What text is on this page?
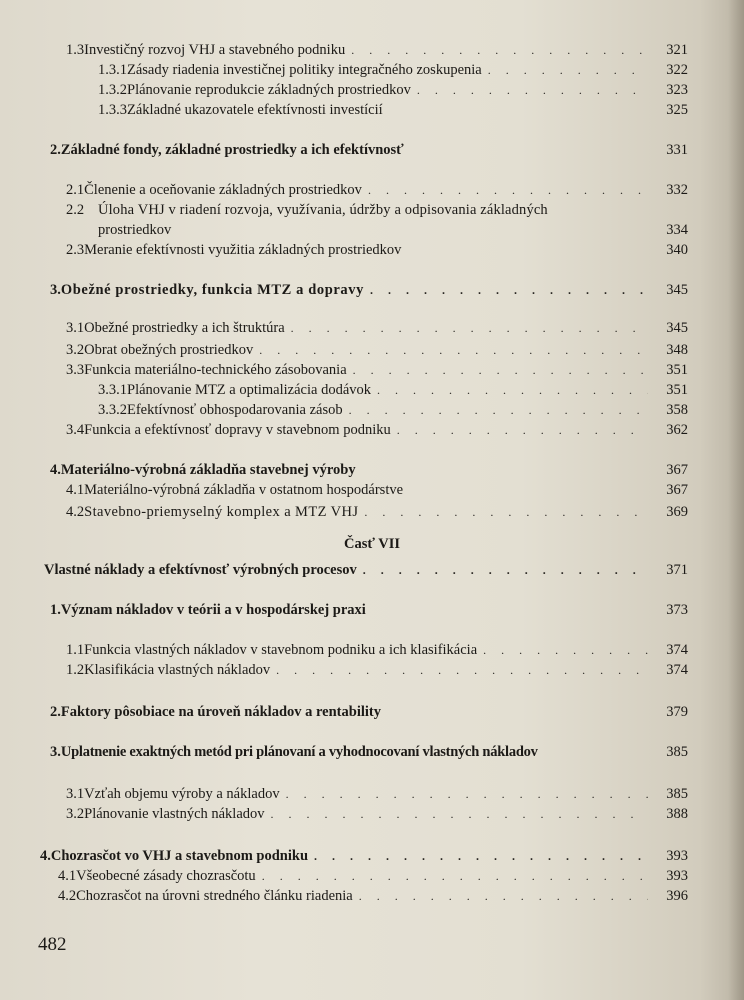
1.3 Investičný rozvoj VHJ a stavebného podniku . . .	321
1.3.1 Zásady riadenia investičnej politiky integračného zoskupenia . . .	322
1.3.2 Plánovanie reprodukcie základných prostriedkov . . .	323
1.3.3 Základné ukazovatele efektívnosti investícií	325
2. Základné fondy, základné prostriedky a ich efektívnosť	331
2.1 Členenie a oceňovanie základných prostriedkov . . .	332
2.2 Úloha VHJ v riadení rozvoja, využívania, údržby a odpisovania základných
prostriedkov	334
2.3 Meranie efektívnosti využitia základných prostriedkov	340
3. Obežné prostriedky, funkcia MTZ a dopravy . . .	345
3.1 Obežné prostriedky a ich štruktúra . . .	345
3.2 Obrat obežných prostriedkov . . .	348
3.3 Funkcia materiálno-technického zásobovania . . .	351
3.3.1 Plánovanie MTZ a optimalizácia dodávok . . .	351
3.3.2 Efektívnosť obhospodarovania zásob . . .	358
3.4 Funkcia a efektívnosť dopravy v stavebnom podniku . . .	362
4. Materiálno-výrobná základňa stavebnej výroby	367
4.1 Materiálno-výrobná základňa v ostatnom hospodárstve	367
4.2 Stavebno-priemyselný komplex a MTZ VHJ . . .	369
Časť VII
Vlastné náklady a efektívnosť výrobných procesov . . .	371
1. Význam nákladov v teórii a v hospodárskej praxi	373
1.1 Funkcia vlastných nákladov v stavebnom podniku a ich klasifikácia . . .	374
1.2 Klasifikácia vlastných nákladov . . .	374
2. Faktory pôsobiace na úroveň nákladov a rentability	379
3. Uplatnenie exaktných metód pri plánovaní a vyhodnocovaní vlastných nákladov	385
3.1 Vzťah objemu výroby a nákladov . . .	385
3.2 Plánovanie vlastných nákladov . . .	388
4. Chozrasčot vo VHJ a stavebnom podniku . . .	393
4.1 Všeobecné zásady chozrasčotu . . .	393
4.2 Chozrasčot na úrovni stredného článku riadenia . . .	396
482
